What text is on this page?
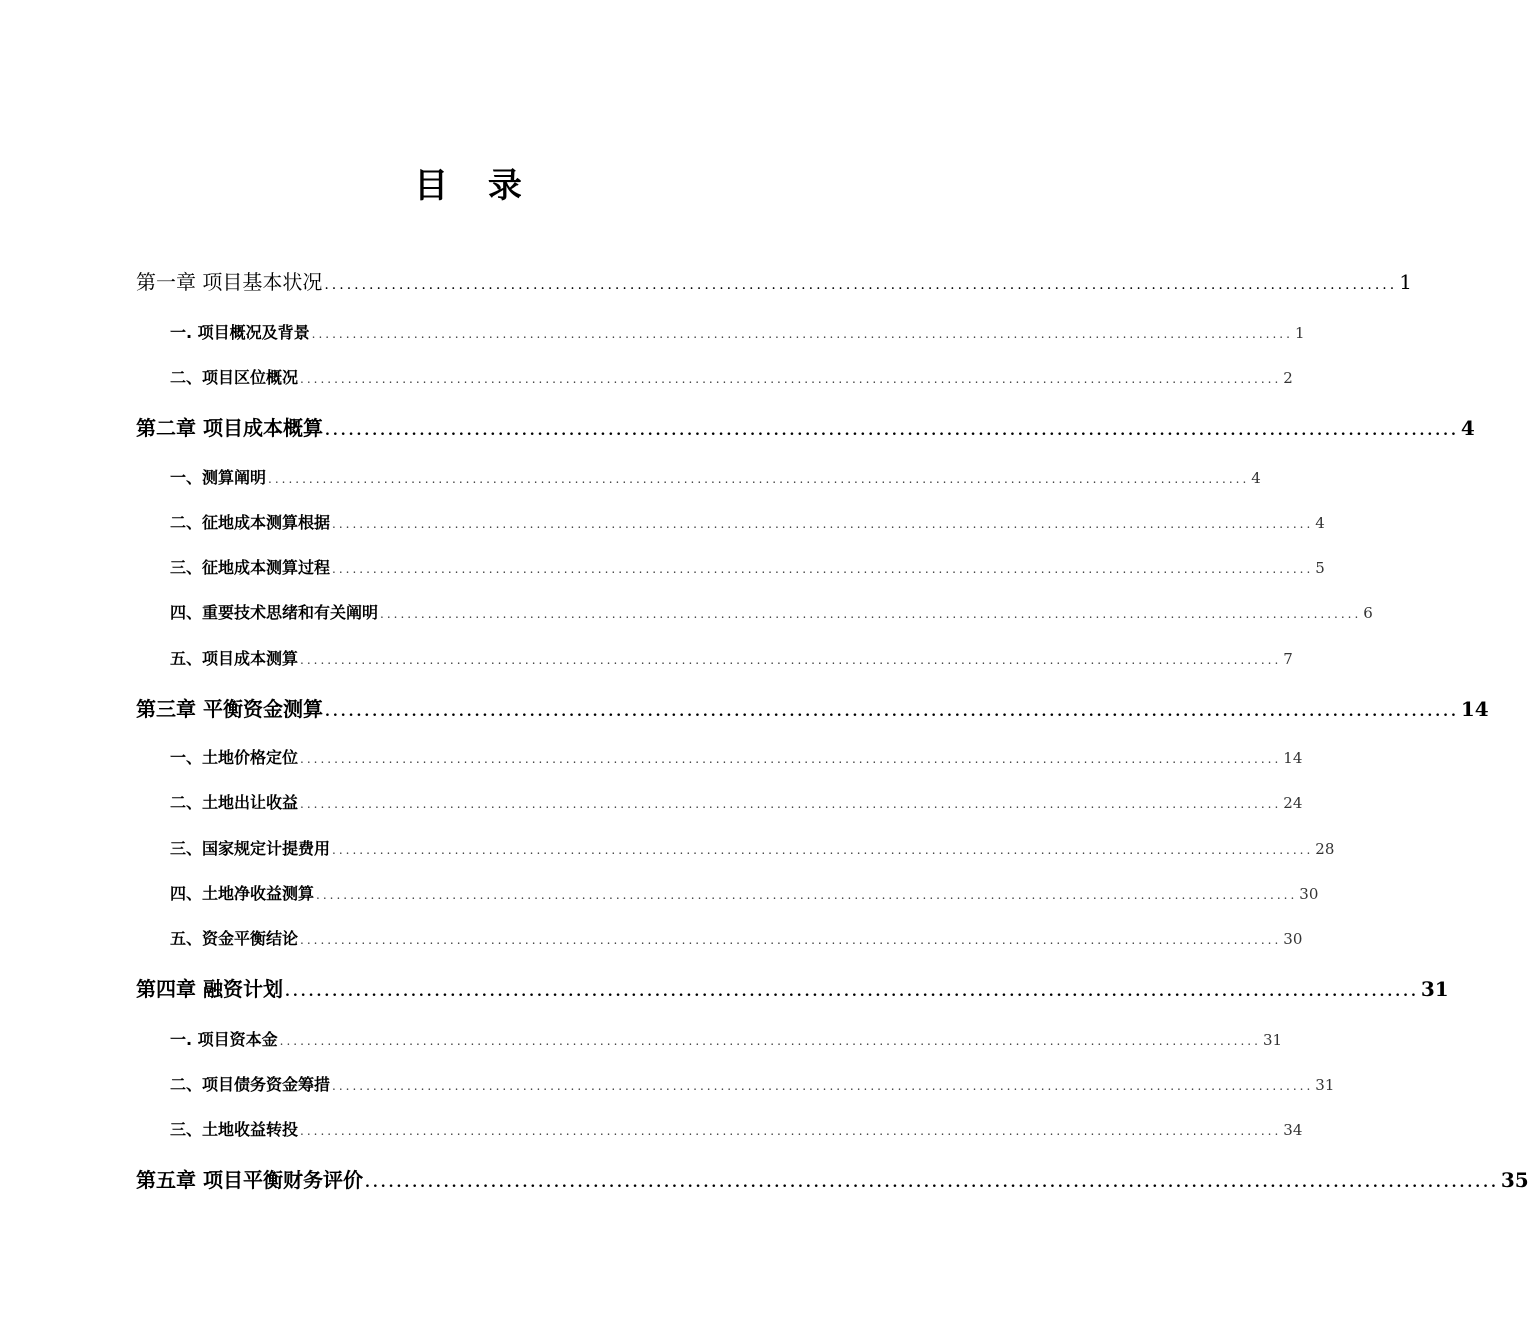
目 录
第一章 项目基本状况 ................................................................................................................................................ 1
一. 项目概况及背景 ................................................................................................................................................ 1
二、项目区位概况 ................................................................................................................................................ 2
第二章 项目成本概算 ................................................................................................................................................ 4
一、测算阐明 ................................................................................................................................................ 4
二、征地成本测算根据 ................................................................................................................................................ 4
三、征地成本测算过程 ................................................................................................................................................ 5
四、重要技术思绪和有关阐明 ................................................................................................................................................ 6
五、项目成本测算 ................................................................................................................................................ 7
第三章 平衡资金测算 ................................................................................................................................................ 14
一、土地价格定位 ................................................................................................................................................ 14
二、土地出让收益 ................................................................................................................................................ 24
三、国家规定计提费用 ................................................................................................................................................ 28
四、土地净收益测算 ................................................................................................................................................ 30
五、资金平衡结论 ................................................................................................................................................ 30
第四章 融资计划 ................................................................................................................................................ 31
一. 项目资本金 ................................................................................................................................................ 31
二、项目债务资金筹措 ................................................................................................................................................ 31
三、土地收益转投 ................................................................................................................................................ 34
第五章 项目平衡财务评价 ................................................................................................................................................ 35
